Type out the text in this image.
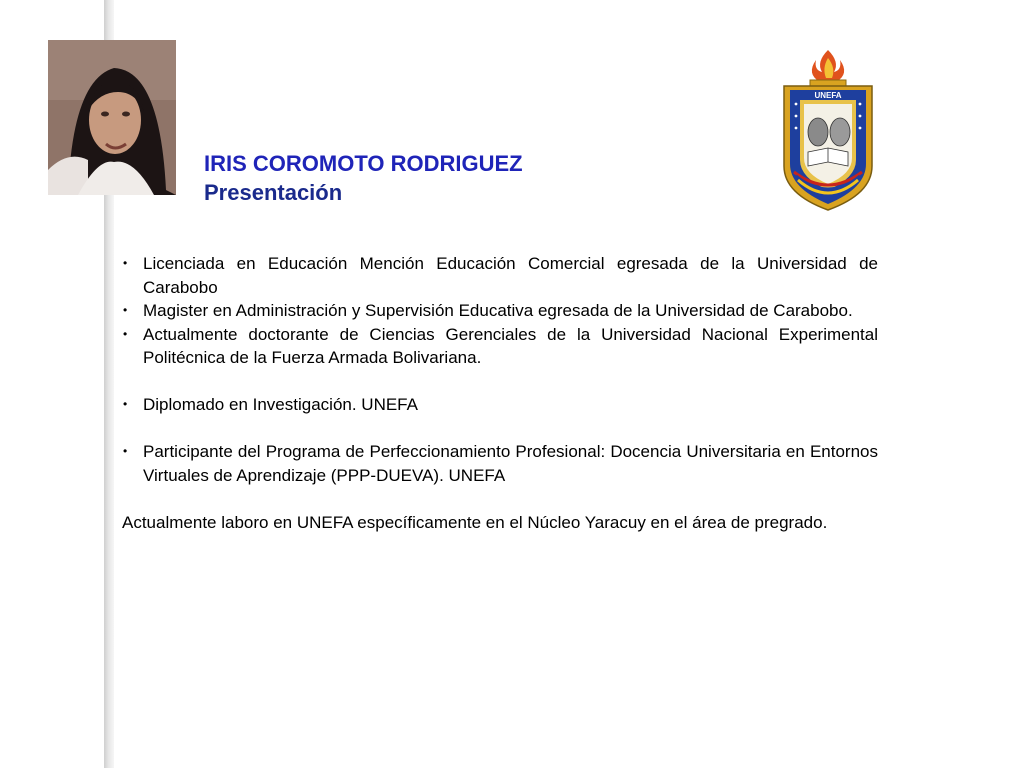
IRIS COROMOTO RODRIGUEZ
Presentación
UNEFA
• Licenciada en Educación Mención Educación Comercial egresada de la Universidad de Carabobo
• Magister en Administración y Supervisión Educativa egresada de la Universidad de Carabobo.
• Actualmente doctorante de Ciencias Gerenciales de la Universidad Nacional Experimental Politécnica de la Fuerza Armada Bolivariana.
• Diplomado en Investigación. UNEFA
• Participante del Programa de Perfeccionamiento Profesional: Docencia Universitaria en Entornos Virtuales de Aprendizaje (PPP-DUEVA). UNEFA

Actualmente laboro en UNEFA específicamente en el Núcleo Yaracuy en el área de pregrado.
